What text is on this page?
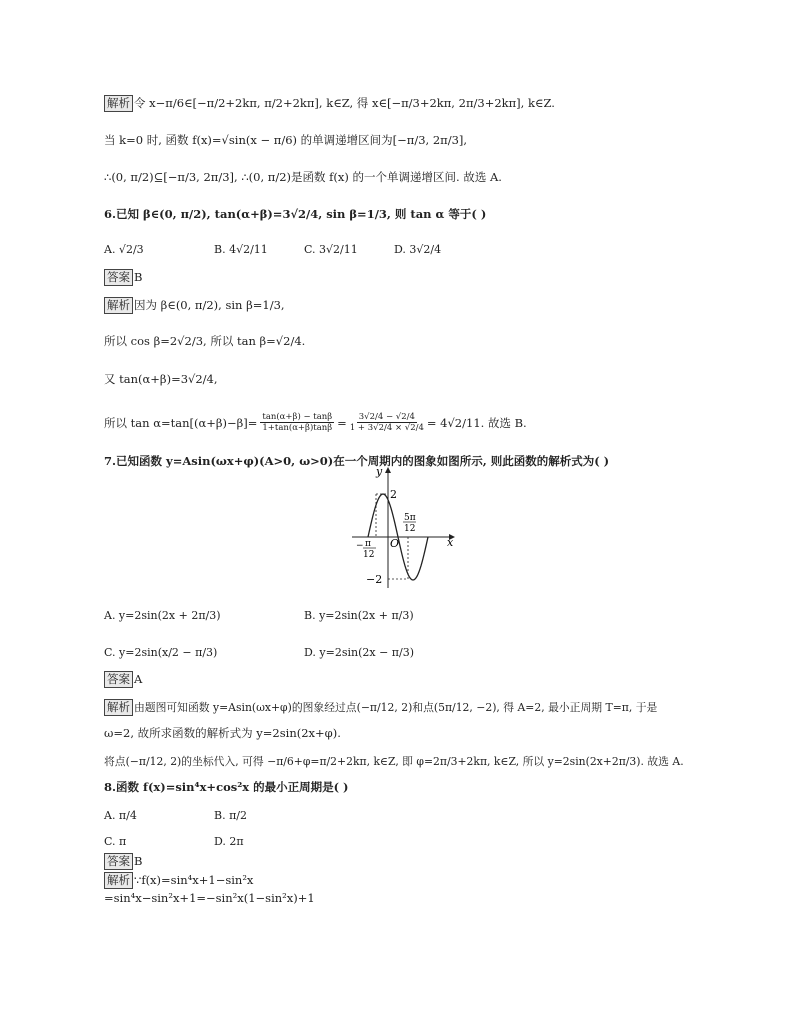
解析 令 x−π/6∈[−π/2+2kπ, π/2+2kπ], k∈Z, 得 x∈[−π/3+2kπ, 2π/3+2kπ], k∈Z.
当 k=0 时, 函数 f(x)=√sin(x − π/6) 的单调递增区间为[−π/3, 2π/3],
∴(0, π/2)⊆[−π/3, 2π/3], ∴(0, π/2)是函数 f(x) 的一个单调递增区间. 故选 A.
6.已知 β∈(0, π/2), tan(α+β)=3√2/4, sin β=1/3, 则 tan α 等于( )
A. √2/3	B. 4√2/11	C. 3√2/11	D. 3√2/4
答案 B
解析 因为 β∈(0, π/2), sin β=1/3,
所以 cos β=2√2/3, 所以 tan β=√2/4.
又 tan(α+β)=3√2/4,
所以 $\tan \alpha=\tan[(\alpha+\beta)-\beta]= \frac{\tan(\alpha+\beta) - \tan\beta}{1+\tan(\alpha+\beta)\tan\beta} = \frac{3√2/4 - √2/4}{1 + 3√2/4 \times √2/4} = 4√2/11$. 故选 B.
7.已知函数 y=Asin(ωx+φ)(A>0, ω>0)在一个周期内的图象如图所示, 则此函数的解析式为( )
y
x
O
2
−2
− π
12
5π
12
A. y=2sin(2x + 2π/3)	B. y=2sin(2x + π/3)
C. y=2sin(x/2 − π/3)	D. y=2sin(2x − π/3)
答案 A
解析 由题图可知函数 y=Asin(ωx+φ)的图象经过点(−π/12, 2)和点(5π/12, −2), 得 A=2, 最小正周期 T=π, 于是
ω=2, 故所求函数的解析式为 y=2sin(2x+φ).
将点(−π/12, 2)的坐标代入, 可得 −π/6+φ=π/2+2kπ, k∈Z, 即 φ=2π/3+2kπ, k∈Z, 所以 y=2sin(2x+2π/3). 故选 A.
8.函数 f(x)=sin⁴x+cos²x 的最小正周期是( )
A. π/4	B. π/2
C. π	D. 2π
答案 B
解析 ∵f(x)=sin⁴x+1−sin²x
=sin⁴x−sin²x+1=−sin²x(1−sin²x)+1
